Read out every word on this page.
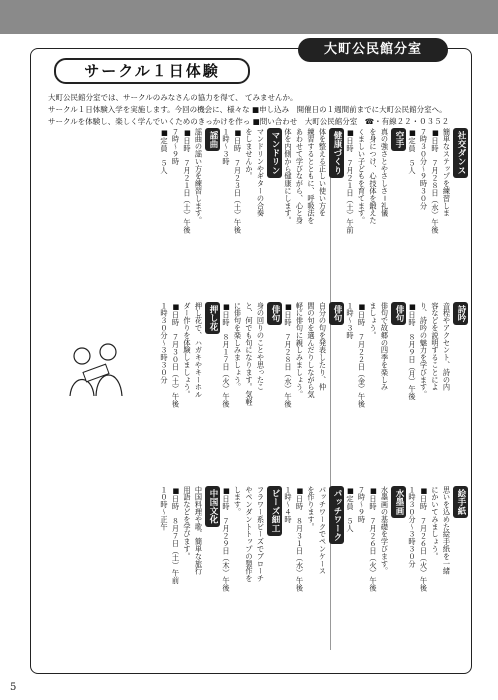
大町公民館分室
サークル１日体験
大町公民館分室では、サークルのみなさんの協力を得て、 てみませんか。
サークル１日体験入学を実施します。今回の機会に、様々な ■申し込み　開催日の１週間前までに大町公民館分室へ。
サークルを体験し、楽しく学んでいくためのきっかけを作っ ■問い合わせ　大町公民館分室　☎・有線２２・０３５２
5
社交ダンス
簡単なステップを練習しま
■日時　７月２８日（水）午後
７時３０分～９時３０分
■定員　５人
空手
真の強さとやさしさ＝礼儀
を身につけ、心技体を鍛えた
くましい子どもを育てます。
■日時　７月２１日（土）午前
健康づくり
体を整える正しい使い方を
練習するとともに、呼吸法を
あわせて学びながら、心と身
体を内側から健康にします。
マンドリン
マンドリンやギターの合奏
をしませんか。
■日時　７月２３日（土）午後
１時～３時
謡曲
謡曲の謡い方を練習します。
■日時　７月２１日（土）午後
７時～９時
■定員　５人
詩吟
音程やアクセント、詩の内
容などを説明することによ
り、詩吟の魅力を学びます。
■日時　８月９日（月）午後
俳句
俳句で故郷の四季を楽しみ
ましょう。
■日時　７月２２日（金）午後
１時～３時
俳句
自分の句を発表したり、仲
間の句を選んだりしながら気
軽に俳句に親しみましょう。
■日時　７月２８日（水）午後
俳句
身の回りのことや思ったこ
と、何でも句になります。気軽
に俳句を楽しみましょう。
■日時　８月１７日（火）午後
押し花
押し花で、ハガキやキーホル
ダー作りを体験しましょう。
■日時　７月３０日（土）午後
１時３０分～３時３０分
絵手紙
思いを込めた絵手紙を一緒
にかいてみましょう。
■日時　７月２６日（火）午後
１時３０分～３時３０分
水墨画
水墨画の基礎を学びます。
■日時　７月２６日（火）午後
７時～９時
■定員　５人
パッチワーク
パッチワークでペンケース
を作ります。
■日時　８月３１日（水）午後
１時～４時
ビーズ細工
フラワー系ビーズでブローチ
やペンダントトップの製作を
します。
■日時　７月２９日（木）午後
中国文化
中国料理や歌、簡単な旅行
用語などを学びます。
■日時　８月７日（土）午前
１０時～正午
